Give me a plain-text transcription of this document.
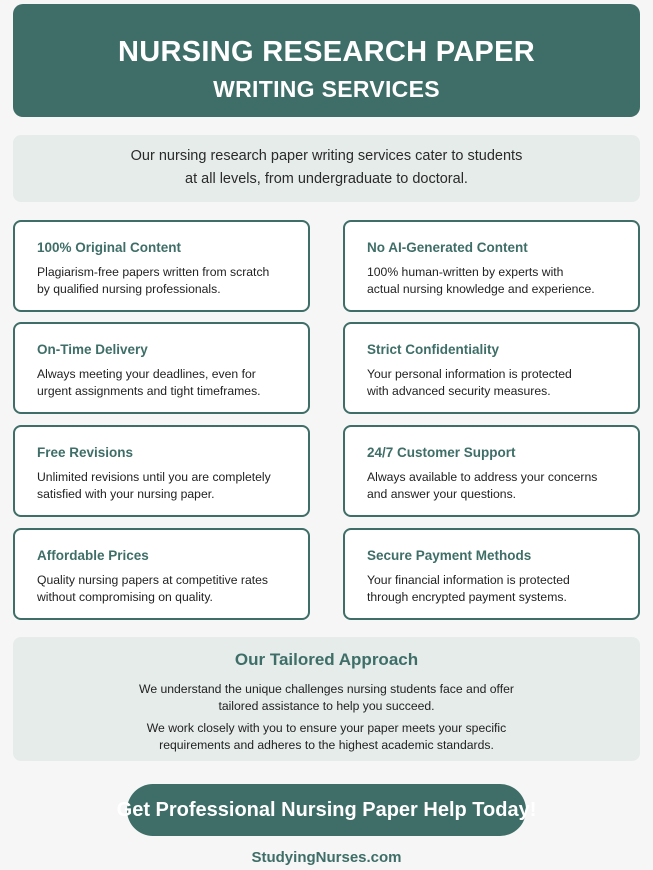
NURSING RESEARCH PAPER
WRITING SERVICES
Our nursing research paper writing services cater to students
at all levels, from undergraduate to doctoral.
100% Original Content
Plagiarism-free papers written from scratch
by qualified nursing professionals.
No AI-Generated Content
100% human-written by experts with
actual nursing knowledge and experience.
On-Time Delivery
Always meeting your deadlines, even for
urgent assignments and tight timeframes.
Strict Confidentiality
Your personal information is protected
with advanced security measures.
Free Revisions
Unlimited revisions until you are completely
satisfied with your nursing paper.
24/7 Customer Support
Always available to address your concerns
and answer your questions.
Affordable Prices
Quality nursing papers at competitive rates
without compromising on quality.
Secure Payment Methods
Your financial information is protected
through encrypted payment systems.
Our Tailored Approach
We understand the unique challenges nursing students face and offer
tailored assistance to help you succeed.
We work closely with you to ensure your paper meets your specific
requirements and adheres to the highest academic standards.
Get Professional Nursing Paper Help Today!
StudyingNurses.com
